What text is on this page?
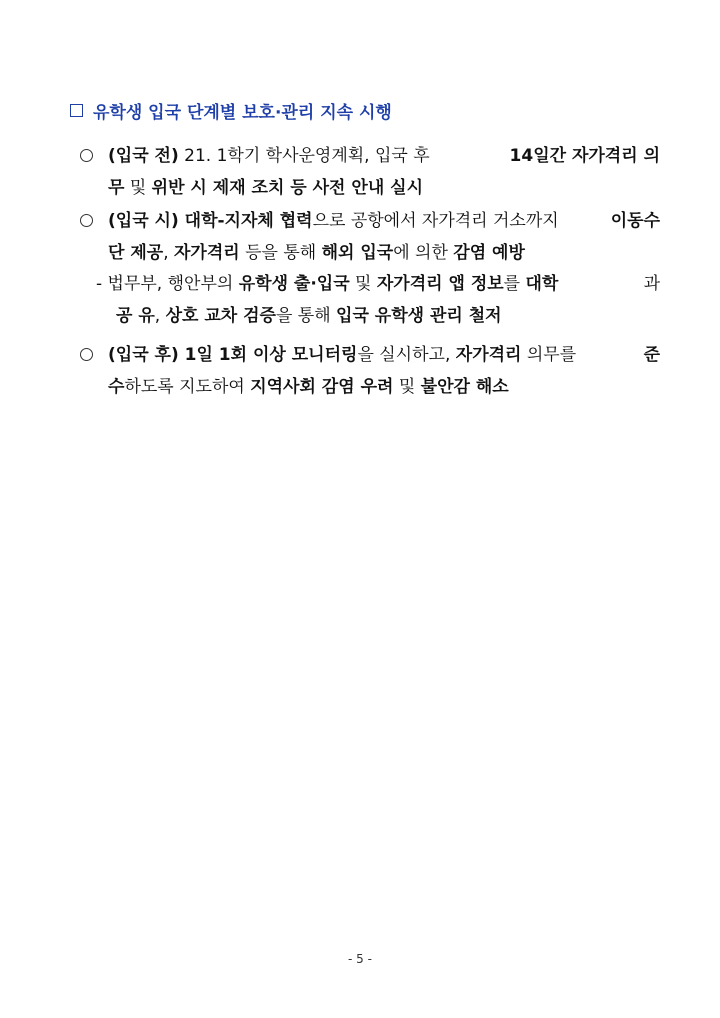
유학생 입국 단계별 보호·관리 지속 시행
(입국 전) 21. 1학기 학사운영계획, 입국 후	14일간 자가격리 의
무 및 위반 시 제재 조치 등 사전 안내 실시
(입국 시) 대학-지자체 협력으로 공항에서 자가격리 거소까지	이동수
단 제공, 자가격리 등을 통해 해외 입국에 의한 감염 예방
- 법무부, 행안부의 유학생 출·입국 및 자가격리 앱 정보를 대학	과
공 유, 상호 교차 검증을 통해 입국 유학생 관리 철저
(입국 후) 1일 1회 이상 모니터링을 실시하고, 자가격리 의무를	준
수하도록 지도하여 지역사회 감염 우려 및 불안감 해소
- 5 -
